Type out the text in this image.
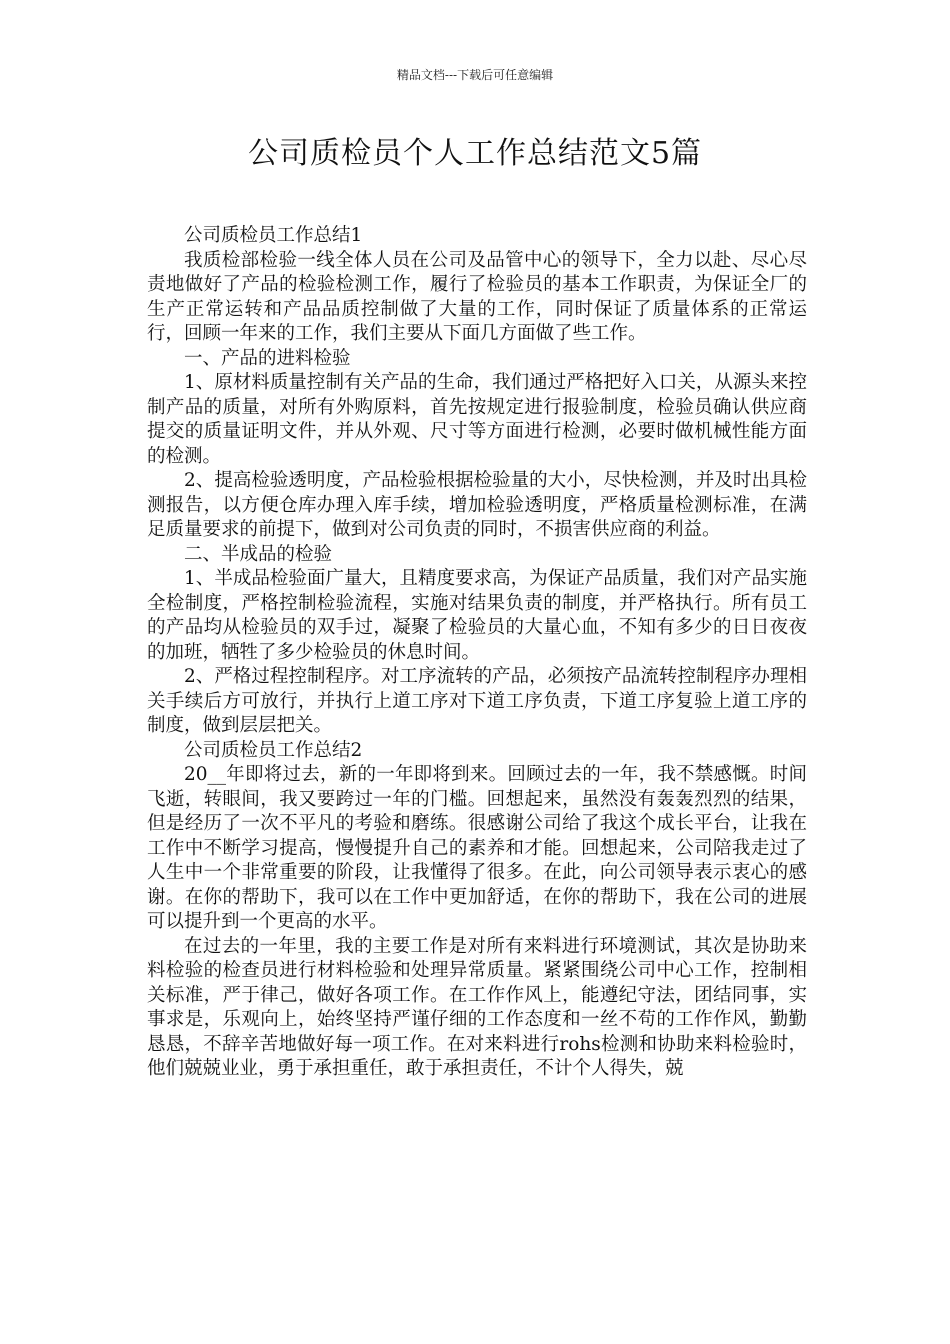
精品文档---下载后可任意编辑
公司质检员个人工作总结范文5篇

公司质检员工作总结1

我质检部检验一线全体人员在公司及品管中心的领导下，全力以赴、尽心尽责地做好了产品的检验检测工作，履行了检验员的基本工作职责，为保证全厂的生产正常运转和产品品质控制做了大量的工作，同时保证了质量体系的正常运行，回顾一年来的工作，我们主要从下面几方面做了些工作。

一、产品的进料检验

1、原材料质量控制有关产品的生命，我们通过严格把好入口关，从源头来控制产品的质量，对所有外购原料，首先按规定进行报验制度，检验员确认供应商提交的质量证明文件，并从外观、尺寸等方面进行检测，必要时做机械性能方面的检测。

2、提高检验透明度，产品检验根据检验量的大小，尽快检测，并及时出具检测报告，以方便仓库办理入库手续，增加检验透明度，严格质量检测标准，在满足质量要求的前提下，做到对公司负责的同时，不损害供应商的利益。

二、半成品的检验

1、半成品检验面广量大，且精度要求高，为保证产品质量，我们对产品实施全检制度，严格控制检验流程，实施对结果负责的制度，并严格执行。所有员工的产品均从检验员的双手过，凝聚了检验员的大量心血，不知有多少的日日夜夜的加班，牺牲了多少检验员的休息时间。

2、严格过程控制程序。对工序流转的产品，必须按产品流转控制程序办理相关手续后方可放行，并执行上道工序对下道工序负责，下道工序复验上道工序的制度，做到层层把关。

公司质检员工作总结2

20__年即将过去，新的一年即将到来。回顾过去的一年，我不禁感慨。时间飞逝，转眼间，我又要跨过一年的门槛。回想起来，虽然没有轰轰烈烈的结果，但是经历了一次不平凡的考验和磨练。很感谢公司给了我这个成长平台，让我在工作中不断学习提高，慢慢提升自己的素养和才能。回想起来，公司陪我走过了人生中一个非常重要的阶段，让我懂得了很多。在此，向公司领导表示衷心的感谢。在你的帮助下，我可以在工作中更加舒适，在你的帮助下，我在公司的进展可以提升到一个更高的水平。

在过去的一年里，我的主要工作是对所有来料进行环境测试，其次是协助来料检验的检查员进行材料检验和处理异常质量。紧紧围绕公司中心工作，控制相关标准，严于律己，做好各项工作。在工作作风上，能遵纪守法，团结同事，实事求是，乐观向上，始终坚持严谨仔细的工作态度和一丝不苟的工作作风，勤勤恳恳，不辞辛苦地做好每一项工作。在对来料进行rohs检测和协助来料检验时，他们兢兢业业，勇于承担重任，敢于承担责任，不计个人得失，兢
